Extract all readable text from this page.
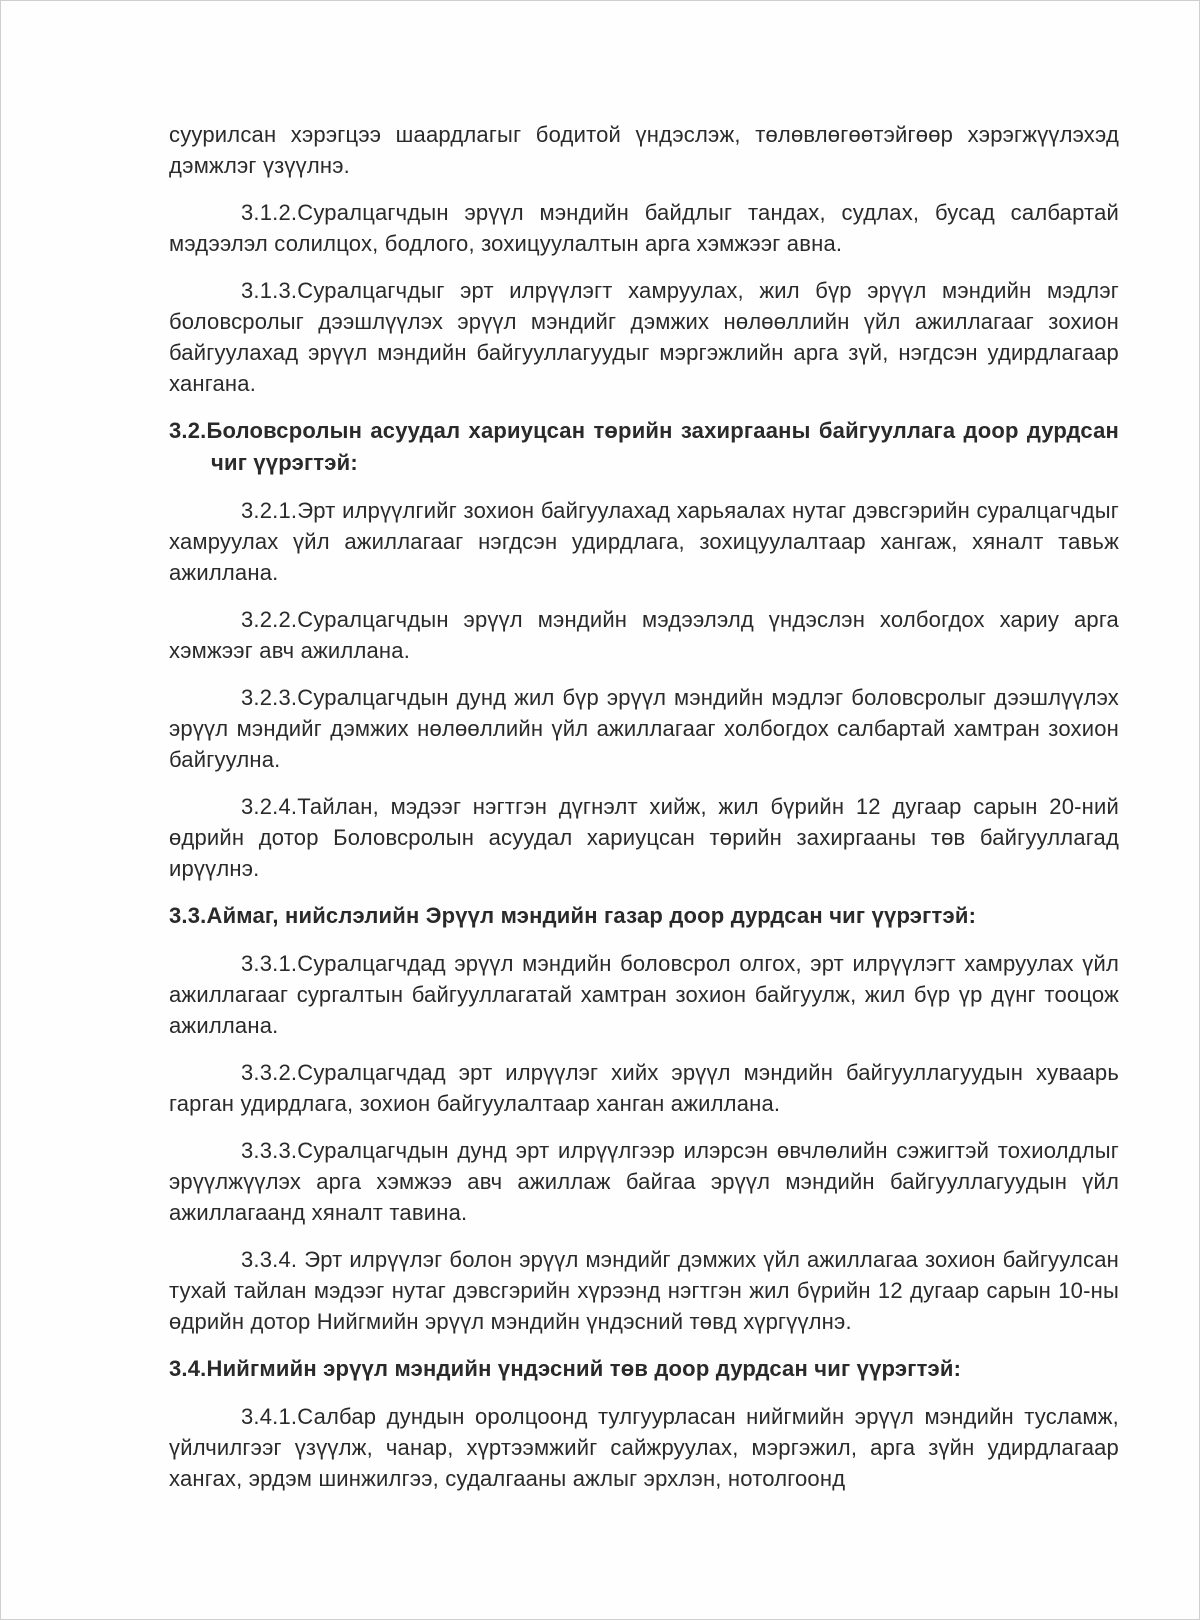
суурилсан хэрэгцээ шаардлагыг бодитой үндэслэж, төлөвлөгөөтэйгөөр хэрэгжүүлэхэд дэмжлэг үзүүлнэ.

3.1.2.Суралцагчдын эрүүл мэндийн байдлыг тандах, судлах, бусад салбартай мэдээлэл солилцох, бодлого, зохицуулалтын арга хэмжээг авна.

3.1.3.Суралцагчдыг эрт илрүүлэгт хамруулах, жил бүр эрүүл мэндийн мэдлэг боловсролыг дээшлүүлэх эрүүл мэндийг дэмжих нөлөөллийн үйл ажиллагааг зохион байгуулахад эрүүл мэндийн байгууллагуудыг мэргэжлийн арга зүй, нэгдсэн удирдлагаар хангана.

3.2.Боловсролын асуудал хариуцсан төрийн захиргааны байгууллага доор дурдсан чиг үүрэгтэй:

3.2.1.Эрт илрүүлгийг зохион байгуулахад харьяалах нутаг дэвсгэрийн суралцагчдыг хамруулах үйл ажиллагааг нэгдсэн удирдлага, зохицуулалтаар хангаж, хяналт тавьж ажиллана.

3.2.2.Суралцагчдын эрүүл мэндийн мэдээлэлд үндэслэн холбогдох хариу арга хэмжээг авч ажиллана.

3.2.3.Суралцагчдын дунд жил бүр эрүүл мэндийн мэдлэг боловсролыг дээшлүүлэх эрүүл мэндийг дэмжих нөлөөллийн үйл ажиллагааг холбогдох салбартай хамтран зохион байгуулна.

3.2.4.Тайлан, мэдээг нэгтгэн дүгнэлт хийж, жил бүрийн 12 дугаар сарын 20-ний өдрийн дотор Боловсролын асуудал хариуцсан төрийн захиргааны төв байгууллагад ирүүлнэ.

3.3.Аймаг, нийслэлийн Эрүүл мэндийн газар доор дурдсан чиг үүрэгтэй:

3.3.1.Суралцагчдад эрүүл мэндийн боловсрол олгох, эрт илрүүлэгт хамруулах үйл ажиллагааг сургалтын байгууллагатай хамтран зохион байгуулж, жил бүр үр дүнг тооцож ажиллана.

3.3.2.Суралцагчдад эрт илрүүлэг хийх эрүүл мэндийн байгууллагуудын хуваарь гарган удирдлага, зохион байгуулалтаар ханган ажиллана.

3.3.3.Суралцагчдын дунд эрт илрүүлгээр илэрсэн өвчлөлийн сэжигтэй тохиолдлыг эрүүлжүүлэх арга хэмжээ авч ажиллаж байгаа эрүүл мэндийн байгууллагуудын үйл ажиллагаанд хяналт тавина.

3.3.4. Эрт илрүүлэг болон эрүүл мэндийг дэмжих үйл ажиллагаа зохион байгуулсан тухай тайлан мэдээг нутаг дэвсгэрийн хүрээнд нэгтгэн жил бүрийн 12 дугаар сарын 10-ны өдрийн дотор Нийгмийн эрүүл мэндийн үндэсний төвд хүргүүлнэ.

3.4.Нийгмийн эрүүл мэндийн үндэсний төв доор дурдсан чиг үүрэгтэй:

3.4.1.Салбар дундын оролцоонд тулгуурласан нийгмийн эрүүл мэндийн тусламж, үйлчилгээг үзүүлж, чанар, хүртээмжийг сайжруулах, мэргэжил, арга зүйн удирдлагаар хангах, эрдэм шинжилгээ, судалгааны ажлыг эрхлэн, нотолгоонд
